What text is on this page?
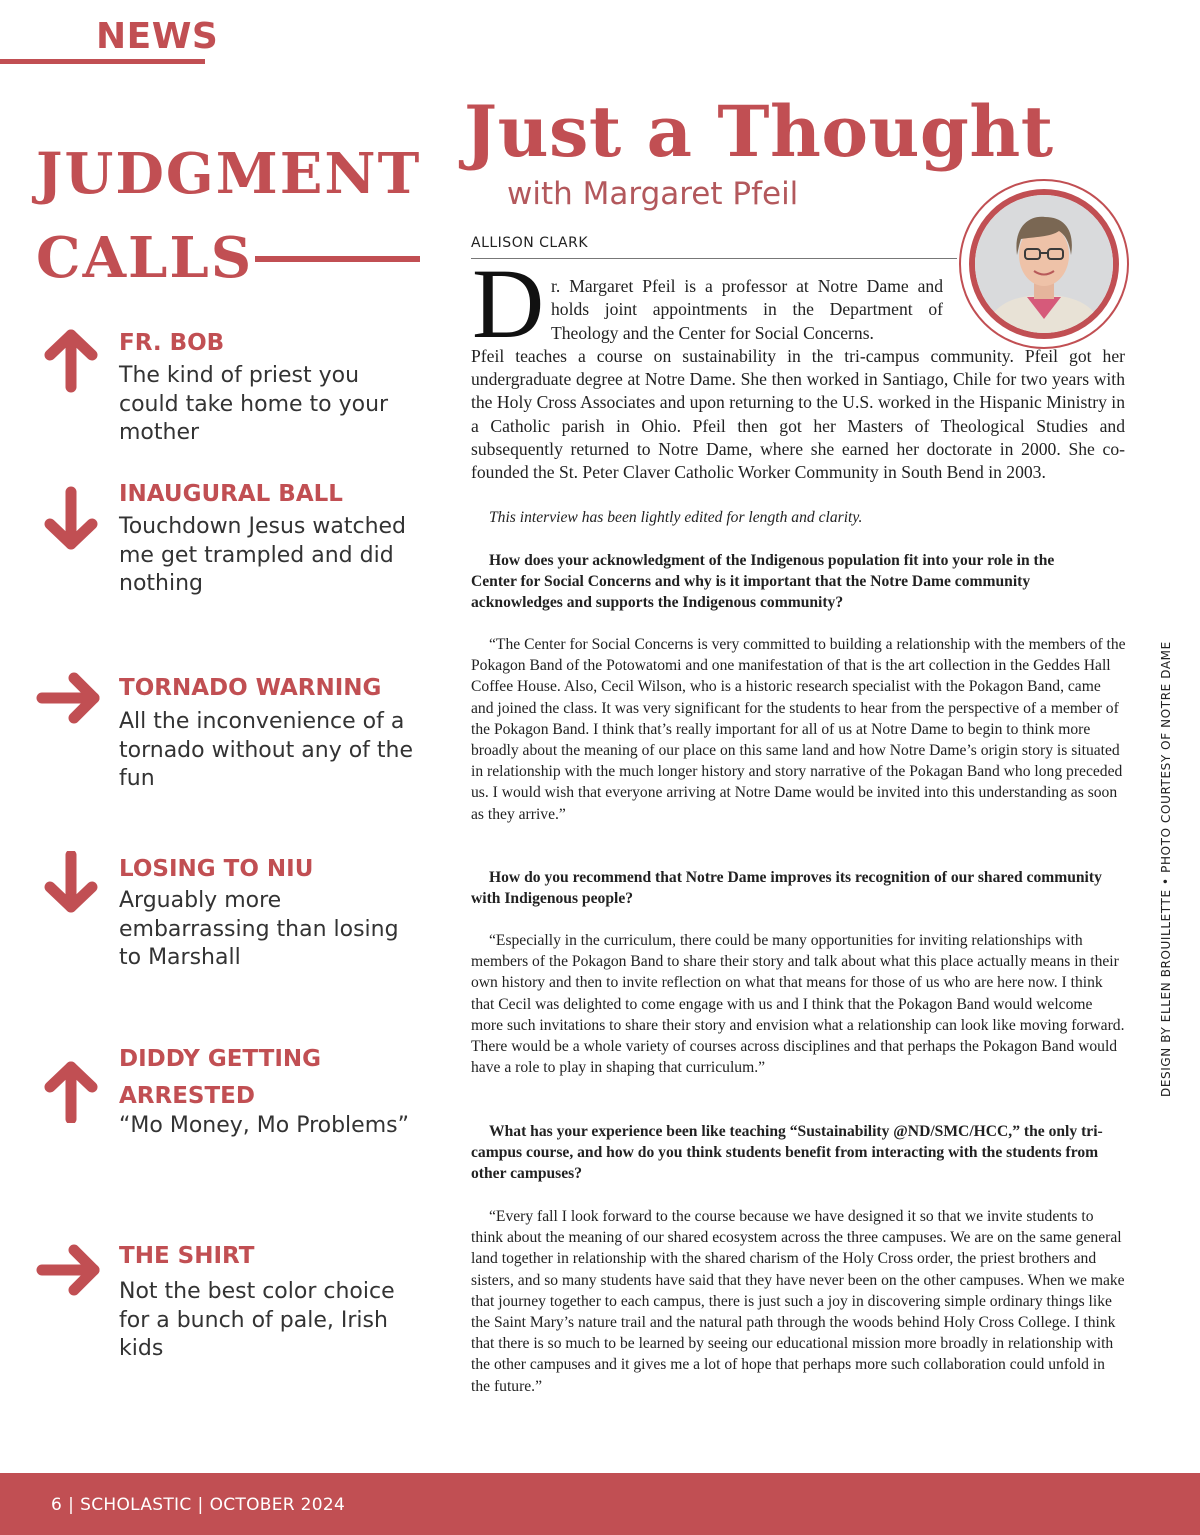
NEWS
JUDGMENT
CALLS
FR. BOB

The kind of priest you could take home to your mother

INAUGURAL BALL

Touchdown Jesus watched me get trampled and did nothing

TORNADO WARNING

All the inconvenience of a tornado without any of the fun

LOSING TO NIU

Arguably more embarrassing than losing to Marshall

DIDDY GETTING ARRESTED

“Mo Money, Mo Problems”

THE SHIRT

Not the best color choice for a bunch of pale, Irish kids

Just a Thought

with Margaret Pfeil

ALLISON CLARK

D r. Margaret Pfeil is a professor at Notre Dame and holds joint appointments in the Department of Theology and the Center for Social Concerns.
Pfeil teaches a course on sustainability in the tri-campus community. Pfeil got her undergraduate degree at Notre Dame. She then worked in Santiago, Chile for two years with the Holy Cross Associates and upon returning to the U.S. worked in the Hispanic Ministry in a Catholic parish in Ohio. Pfeil then got her Masters of Theological Studies and subsequently returned to Notre Dame, where she earned her doctorate in 2000. She co-founded the St. Peter Claver Catholic Worker Community in South Bend in 2003.

This interview has been lightly edited for length and clarity.

How does your acknowledgment of the Indigenous population fit into your role in the Center for Social Concerns and why is it important that the Notre Dame community acknowledges and supports the Indigenous community?

“The Center for Social Concerns is very committed to building a relationship with the members of the Pokagon Band of the Potowatomi and one manifestation of that is the art collection in the Geddes Hall Coffee House. Also, Cecil Wilson, who is a historic research specialist with the Pokagon Band, came and joined the class. It was very significant for the students to hear from the perspective of a member of the Pokagon Band. I think that’s really important for all of us at Notre Dame to begin to think more broadly about the meaning of our place on this same land and how Notre Dame’s origin story is situated in relationship with the much longer history and story narrative of the Pokagan Band who long preceded us. I would wish that everyone arriving at Notre Dame would be invited into this understanding as soon as they arrive.”

How do you recommend that Notre Dame improves its recognition of our shared community with Indigenous people?

“Especially in the curriculum, there could be many opportunities for inviting relationships with members of the Pokagon Band to share their story and talk about what this place actually means in their own history and then to invite reflection on what that means for those of us who are here now. I think that Cecil was delighted to come engage with us and I think that the Pokagon Band would welcome more such invitations to share their story and envision what a relationship can look like moving forward. There would be a whole variety of courses across disciplines and that perhaps the Pokagon Band would have a role to play in shaping that curriculum.”

What has your experience been like teaching “Sustainability @ND/SMC/HCC,” the only tri-campus course, and how do you think students benefit from interacting with the students from other campuses?

“Every fall I look forward to the course because we have designed it so that we invite students to think about the meaning of our shared ecosystem across the three campuses. We are on the same general land together in relationship with the shared charism of the Holy Cross order, the priest brothers and sisters, and so many students have said that they have never been on the other campuses. When we make that journey together to each campus, there is just such a joy in discovering simple ordinary things like the Saint Mary’s nature trail and the natural path through the woods behind Holy Cross College. I think that there is so much to be learned by seeing our educational mission more broadly in relationship with the other campuses and it gives me a lot of hope that perhaps more such collaboration could unfold in the future.”

DESIGN BY ELLEN BROUILLETTE • PHOTO COURTESY OF NOTRE DAME

6 | SCHOLASTIC | OCTOBER 2024
